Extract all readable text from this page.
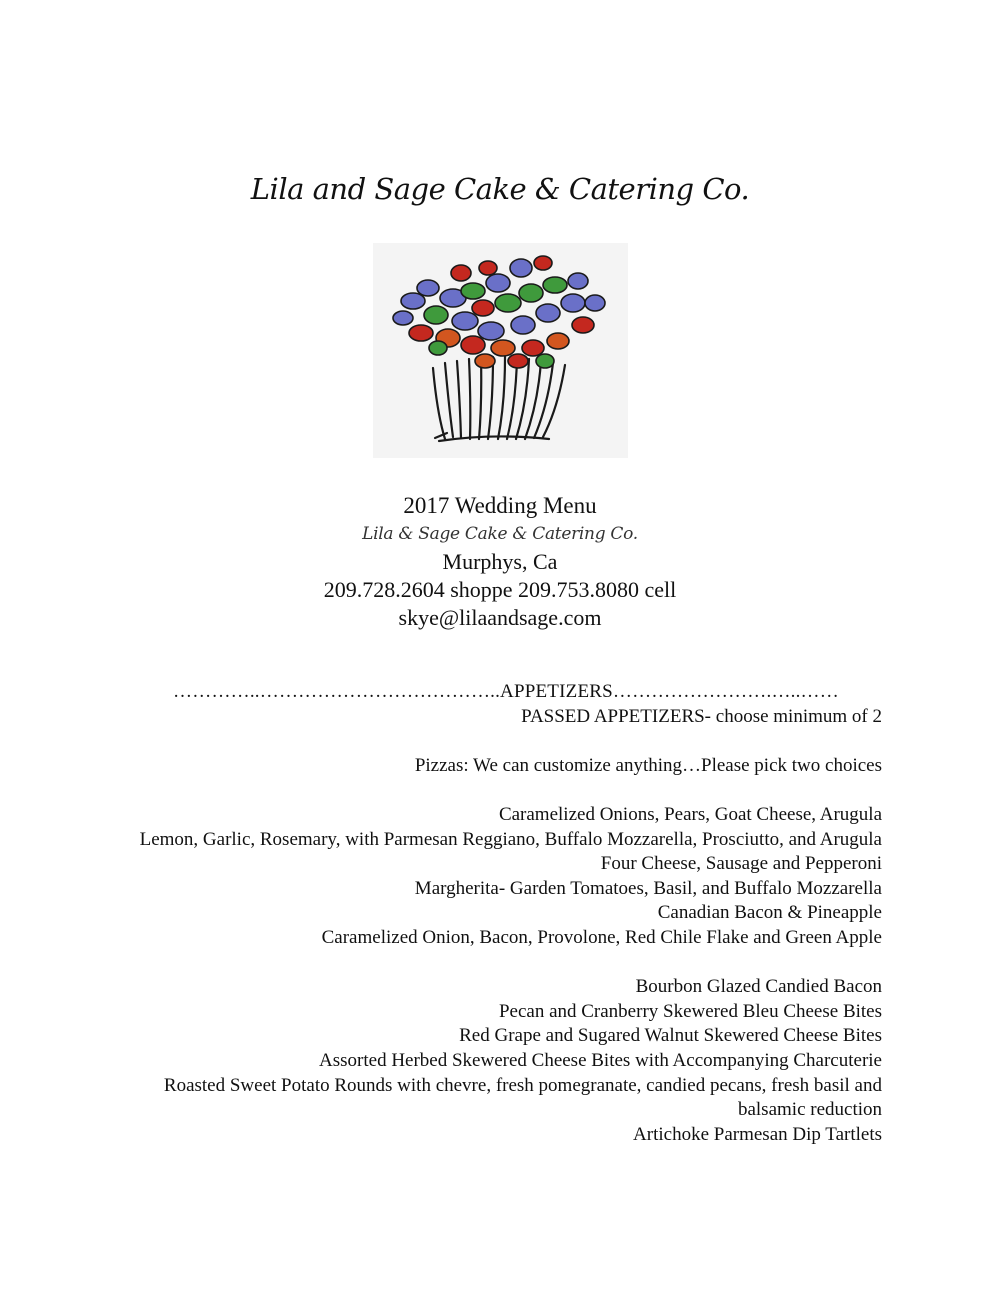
Lila and Sage Cake & Catering Co.
2017 Wedding Menu
Lila & Sage Cake & Catering Co.
Murphys, Ca
209.728.2604 shoppe 209.753.8080 cell
skye@lilaandsage.com
…………..………………………………..APPETIZERS…………………….…..……
PASSED APPETIZERS- choose minimum of 2
Pizzas: We can customize anything…Please pick two choices
Caramelized Onions, Pears, Goat Cheese, Arugula
Lemon, Garlic, Rosemary, with Parmesan Reggiano, Buffalo Mozzarella, Prosciutto, and Arugula
Four Cheese, Sausage and Pepperoni
Margherita- Garden Tomatoes, Basil, and Buffalo Mozzarella
Canadian Bacon & Pineapple
Caramelized Onion, Bacon, Provolone, Red Chile Flake and Green Apple
Bourbon Glazed Candied Bacon
Pecan and Cranberry Skewered Bleu Cheese Bites
Red Grape and Sugared Walnut Skewered Cheese Bites
Assorted Herbed Skewered Cheese Bites with Accompanying Charcuterie
Roasted Sweet Potato Rounds with chevre, fresh pomegranate, candied pecans, fresh basil and balsamic reduction
Artichoke Parmesan Dip Tartlets
